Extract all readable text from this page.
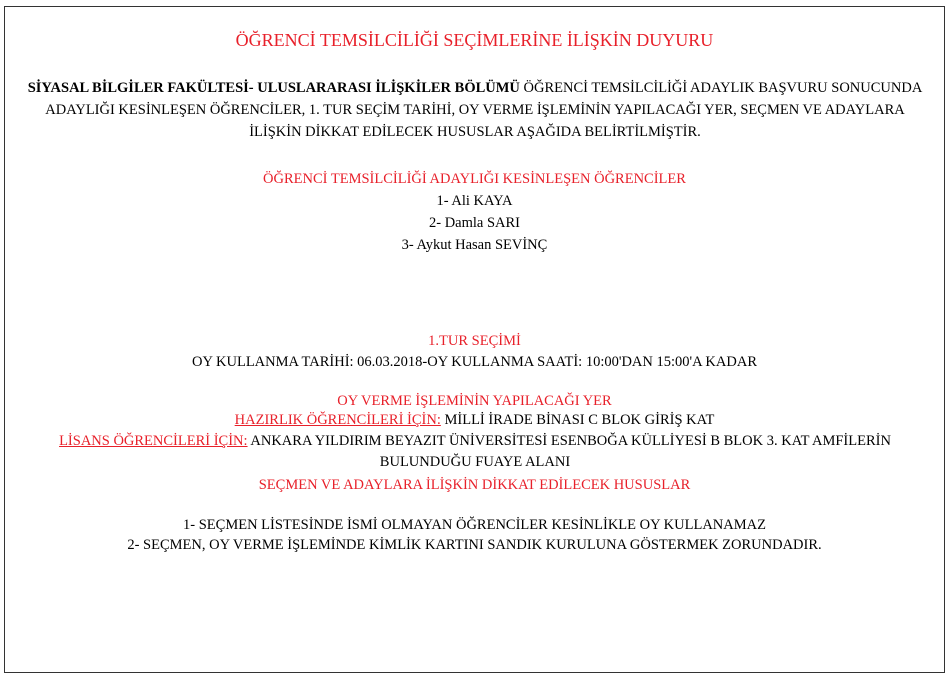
ÖĞRENCİ TEMSİLCİLİĞİ SEÇİMLERİNE İLİŞKİN DUYURU
SİYASAL BİLGİLER FAKÜLTESİ- ULUSLARARASI İLİŞKİLER BÖLÜMÜ ÖĞRENCİ TEMSİLCİLİĞİ ADAYLIK BAŞVURU SONUCUNDA ADAYLIĞI KESİNLEŞEN ÖĞRENCİLER, 1. TUR SEÇİM TARİHİ, OY VERME İŞLEMİNİN YAPILACAĞI YER, SEÇMEN VE ADAYLARA İLİŞKİN DİKKAT EDİLECEK HUSUSLAR AŞAĞIDA BELİRTİLMİŞTİR.
ÖĞRENCİ TEMSİLCİLİĞİ ADAYLIĞI KESİNLEŞEN ÖĞRENCİLER
1- Ali KAYA
2- Damla SARI
3- Aykut Hasan SEVİNÇ
1.TUR SEÇİMİ
OY KULLANMA TARİHİ: 06.03.2018-OY KULLANMA SAATİ: 10:00'DAN 15:00'A KADAR
OY VERME İŞLEMİNİN YAPILACAĞI YER
HAZIRLIK ÖĞRENCİLERİ İÇİN: MİLLİ İRADE BİNASI C BLOK GİRİŞ KAT
LİSANS ÖĞRENCİLERİ İÇİN: ANKARA YILDIRIM BEYAZIT ÜNİVERSİTESİ ESENBOĞA KÜLLİYESİ B BLOK 3. KAT AMFİLERİN BULUNDUĞU FUAYE ALANI
SEÇMEN VE ADAYLARA İLİŞKİN DİKKAT EDİLECEK HUSUSLAR
1- SEÇMEN LİSTESİNDE İSMİ OLMAYAN ÖĞRENCİLER KESİNLİKLE OY KULLANAMAZ
2- SEÇMEN, OY VERME İŞLEMİNDE KİMLİK KARTINI SANDIK KURULUNA GÖSTERMEK ZORUNDADIR.
